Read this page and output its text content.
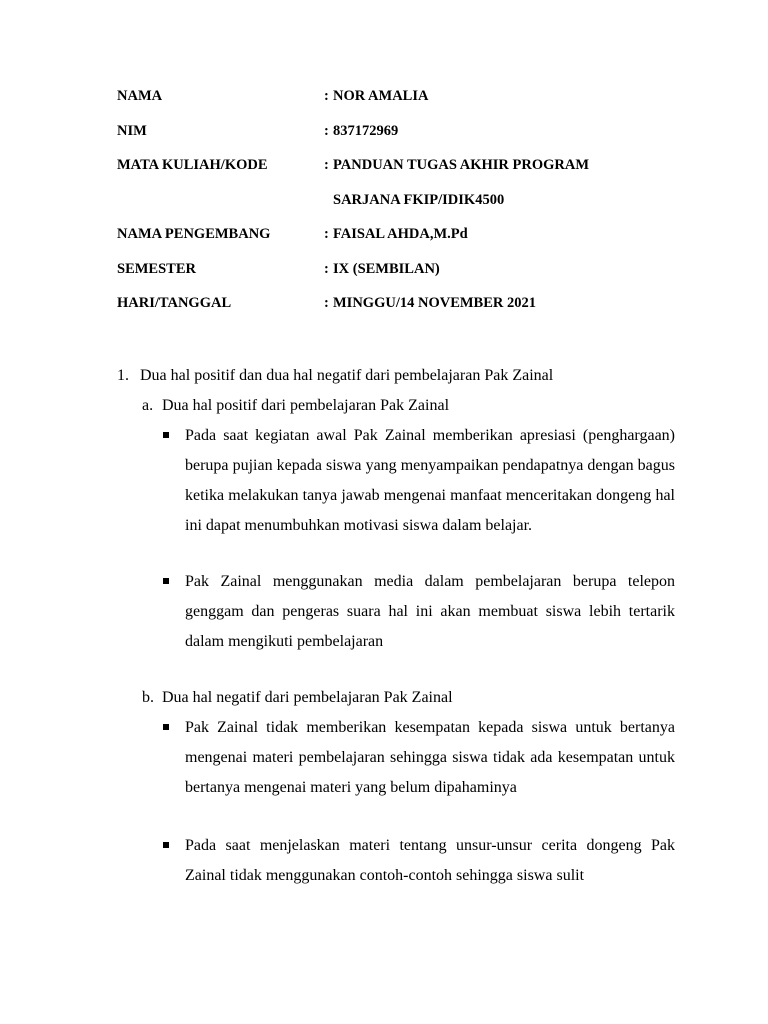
NAMA	: NOR AMALIA
NIM	: 837172969
MATA KULIAH/KODE	: PANDUAN TUGAS AKHIR PROGRAM
SARJANA FKIP/IDIK4500
NAMA PENGEMBANG	: FAISAL AHDA,M.Pd
SEMESTER	: IX (SEMBILAN)
HARI/TANGGAL	: MINGGU/14 NOVEMBER 2021
1. Dua hal positif dan dua hal negatif dari pembelajaran Pak Zainal
a. Dua hal positif dari pembelajaran Pak Zainal
Pada saat kegiatan awal Pak Zainal memberikan apresiasi (penghargaan) berupa pujian kepada siswa yang menyampaikan pendapatnya dengan bagus ketika melakukan tanya jawab mengenai manfaat menceritakan dongeng hal ini dapat menumbuhkan motivasi siswa dalam belajar.
Pak Zainal menggunakan media dalam pembelajaran berupa telepon genggam dan pengeras suara hal ini akan membuat siswa lebih tertarik dalam mengikuti pembelajaran
b. Dua hal negatif dari pembelajaran Pak Zainal
Pak Zainal tidak memberikan kesempatan kepada siswa untuk bertanya mengenai materi pembelajaran sehingga siswa tidak ada kesempatan untuk bertanya mengenai materi yang belum dipahaminya
Pada saat menjelaskan materi tentang unsur-unsur cerita dongeng Pak Zainal tidak menggunakan contoh-contoh sehingga siswa sulit
